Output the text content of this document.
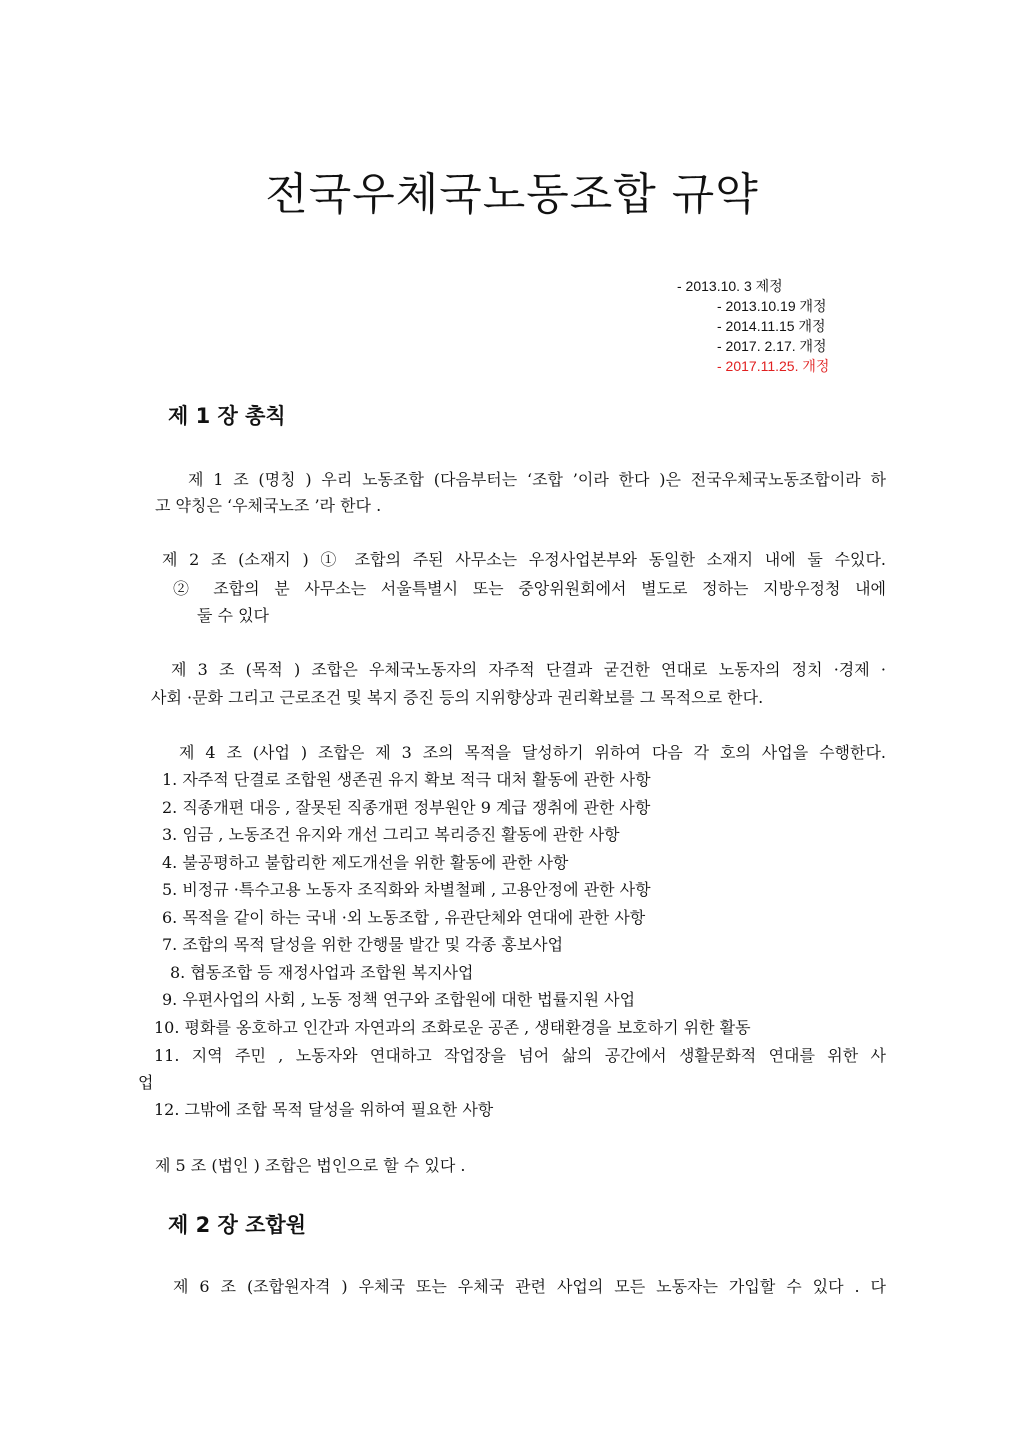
전국우체국노동조합 규약
- 2013.10. 3 제정
- 2013.10.19 개정
- 2014.11.15 개정
- 2017. 2.17. 개정
- 2017.11.25. 개정
제 1 장 총칙
제 1 조 (명칭 ) 우리 노동조합 (다음부터는 ‘조합 ’이라 한다 )은 전국우체국노동조합이라 하
고 약칭은 ‘우체국노조 ’라 한다 .
제 2 조 (소재지 ) ① 조합의 주된 사무소는 우정사업본부와 동일한 소재지 내에 둘 수있다.
② 조합의 분 사무소는 서울특별시 또는 중앙위원회에서 별도로 정하는 지방우정청 내에
둘 수 있다
제 3 조 (목적 ) 조합은 우체국노동자의 자주적 단결과 굳건한 연대로 노동자의 정치 ·경제 ·
사회 ·문화 그리고 근로조건 및 복지 증진 등의 지위향상과 권리확보를 그 목적으로 한다.
제 4 조 (사업 ) 조합은 제 3 조의 목적을 달성하기 위하여 다음 각 호의 사업을 수행한다.
1. 자주적 단결로 조합원 생존권 유지 확보 적극 대처 활동에 관한 사항
2. 직종개편 대응 , 잘못된 직종개편 정부원안 9 계급 쟁취에 관한 사항
3. 임금 , 노동조건 유지와 개선 그리고 복리증진 활동에 관한 사항
4. 불공평하고 불합리한 제도개선을 위한 활동에 관한 사항
5. 비정규 ·특수고용 노동자 조직화와 차별철폐 , 고용안정에 관한 사항
6. 목적을 같이 하는 국내 ·외 노동조합 , 유관단체와 연대에 관한 사항
7. 조합의 목적 달성을 위한 간행물 발간 및 각종 홍보사업
8. 협동조합 등 재정사업과 조합원 복지사업
9. 우편사업의 사회 , 노동 정책 연구와 조합원에 대한 법률지원 사업
10. 평화를 옹호하고 인간과 자연과의 조화로운 공존 , 생태환경을 보호하기 위한 활동
11. 지역 주민 , 노동자와 연대하고 작업장을 넘어 삶의 공간에서 생활문화적 연대를 위한 사
업
12. 그밖에 조합 목적 달성을 위하여 필요한 사항
제 5 조 (법인 ) 조합은 법인으로 할 수 있다 .
제 2 장 조합원
제 6 조 (조합원자격 ) 우체국 또는 우체국 관련 사업의 모든 노동자는 가입할 수 있다 . 다
